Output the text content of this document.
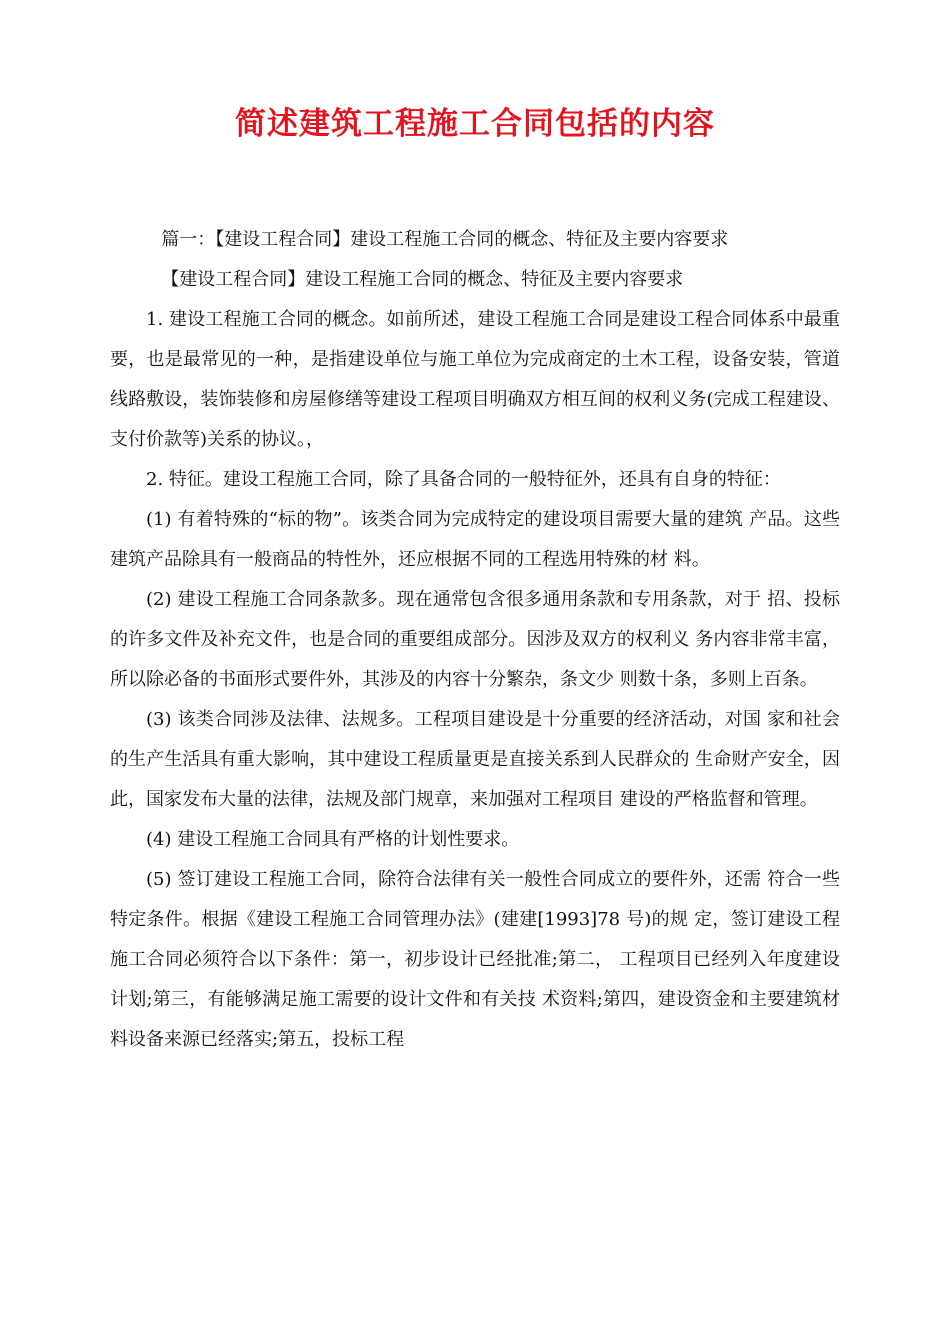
简述建筑工程施工合同包括的内容

篇一：【建设工程合同】建设工程施工合同的概念、特征及主要内容要求

【建设工程合同】建设工程施工合同的概念、特征及主要内容要求

1. 建设工程施工合同的概念。如前所述，建设工程施工合同是建设工程合同体系中最重要，也是最常见的一种，是指建设单位与施工单位为完成商定的土木工程，设备安装，管道线路敷设，装饰装修和房屋修缮等建设工程项目明确双方相互间的权利义务(完成工程建设、支付价款等)关系的协议。，

2. 特征。建设工程施工合同，除了具备合同的一般特征外，还具有自身的特征：

(1) 有着特殊的“标的物”。该类合同为完成特定的建设项目需要大量的建筑 产品。这些建筑产品除具有一般商品的特性外，还应根据不同的工程选用特殊的材 料。

(2) 建设工程施工合同条款多。现在通常包含很多通用条款和专用条款，对于 招、投标的许多文件及补充文件，也是合同的重要组成部分。因涉及双方的权利义 务内容非常丰富，所以除必备的书面形式要件外，其涉及的内容十分繁杂，条文少 则数十条，多则上百条。

(3) 该类合同涉及法律、法规多。工程项目建设是十分重要的经济活动，对国 家和社会的生产生活具有重大影响，其中建设工程质量更是直接关系到人民群众的 生命财产安全，因此，国家发布大量的法律，法规及部门规章，来加强对工程项目 建设的严格监督和管理。

(4) 建设工程施工合同具有严格的计划性要求。

(5) 签订建设工程施工合同，除符合法律有关一般性合同成立的要件外，还需 符合一些特定条件。根据《建设工程施工合同管理办法》(建建[1993]78 号)的规 定，签订建设工程施工合同必须符合以下条件：第一，初步设计已经批准;第二， 工程项目已经列入年度建设计划;第三，有能够满足施工需要的设计文件和有关技 术资料;第四，建设资金和主要建筑材料设备来源已经落实;第五，投标工程
